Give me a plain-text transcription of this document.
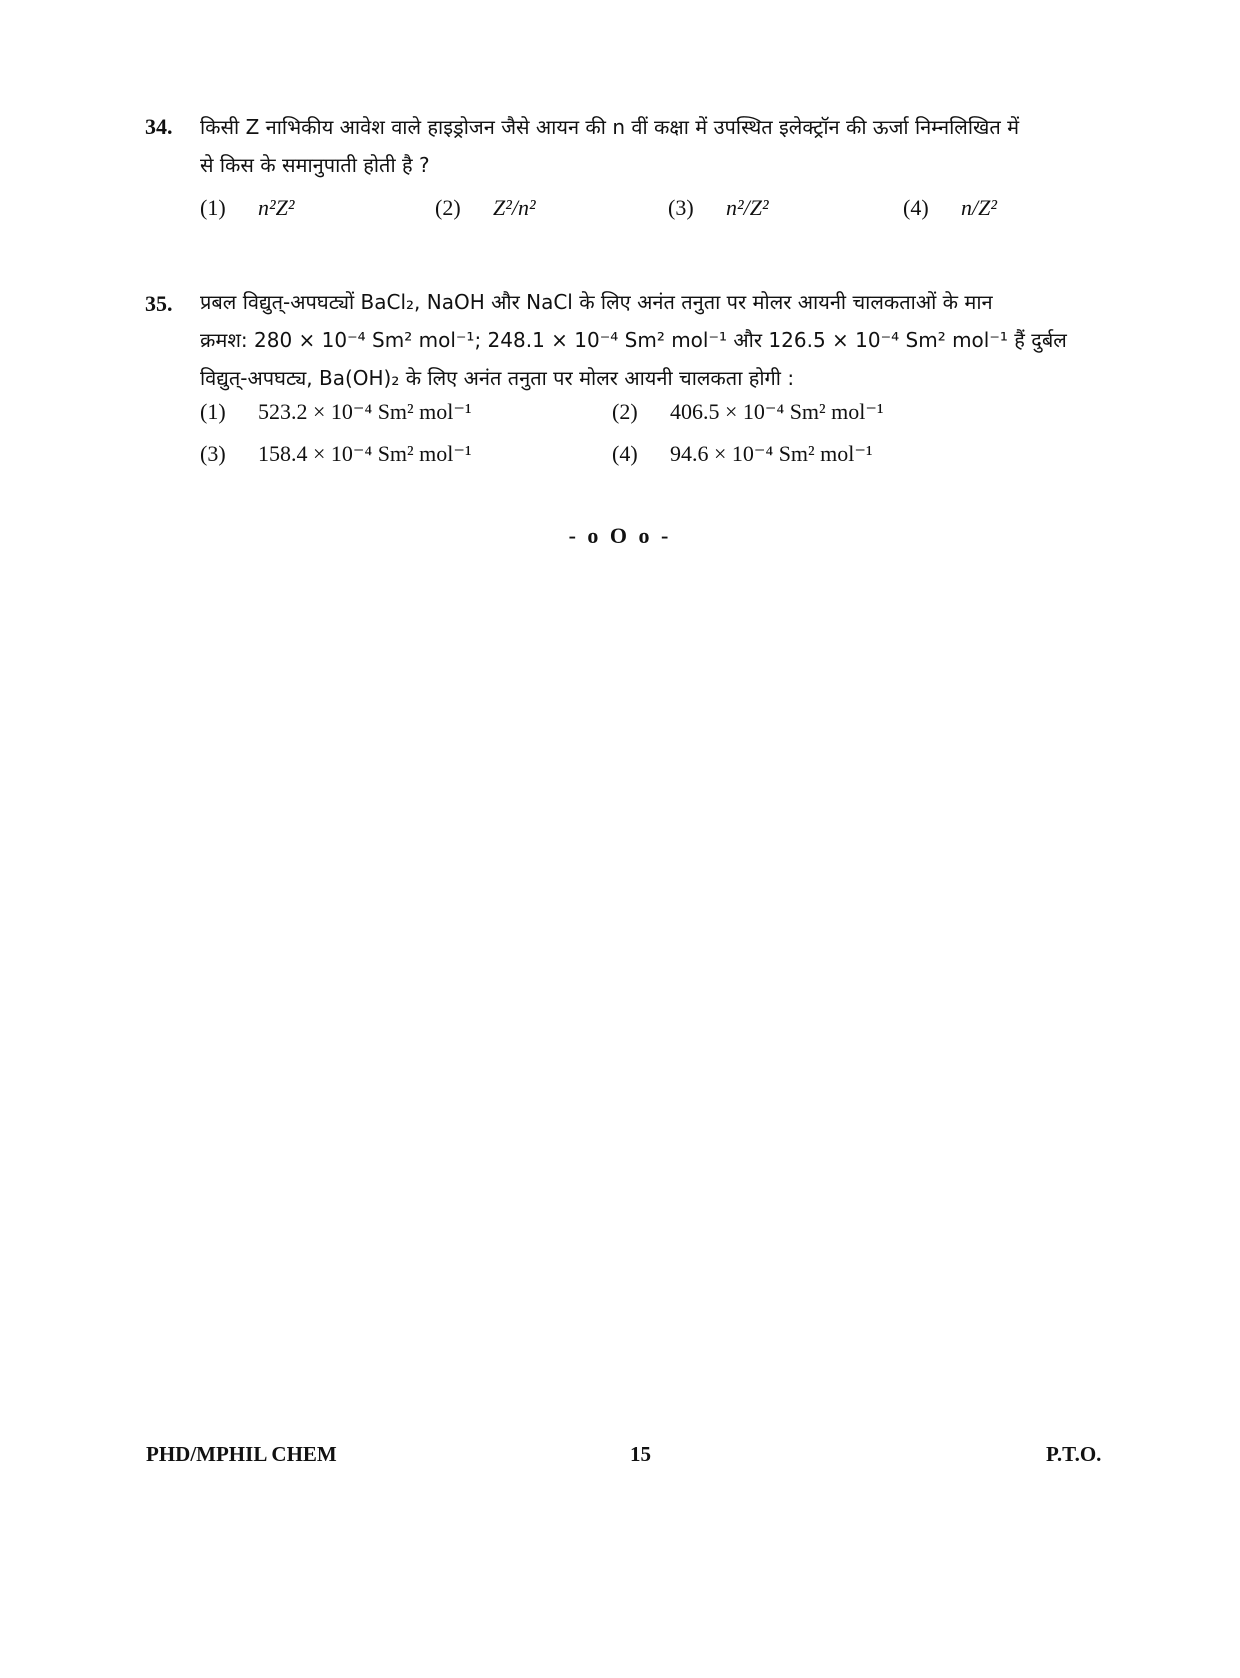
34. किसी Z नाभिकीय आवेश वाले हाइड्रोजन जैसे आयन की n वीं कक्षा में उपस्थित इलेक्ट्रॉन की ऊर्जा निम्नलिखित में
से किस के समानुपाती होती है ?
(1) n²Z²	(2) Z²/n²	(3) n²/Z²	(4) n/Z²
35. प्रबल विद्युत्-अपघट्यों BaCl₂, NaOH और NaCl के लिए अनंत तनुता पर मोलर आयनी चालकताओं के मान
क्रमश: 280 × 10⁻⁴ Sm² mol⁻¹; 248.1 × 10⁻⁴ Sm² mol⁻¹ और 126.5 × 10⁻⁴ Sm² mol⁻¹ हैं दुर्बल
विद्युत्-अपघट्य, Ba(OH)₂ के लिए अनंत तनुता पर मोलर आयनी चालकता होगी :
(1) 523.2 × 10⁻⁴ Sm² mol⁻¹	(2) 406.5 × 10⁻⁴ Sm² mol⁻¹
(3) 158.4 × 10⁻⁴ Sm² mol⁻¹	(4) 94.6 × 10⁻⁴ Sm² mol⁻¹
- o O o -
PHD/MPHIL CHEM	15	P.T.O.
